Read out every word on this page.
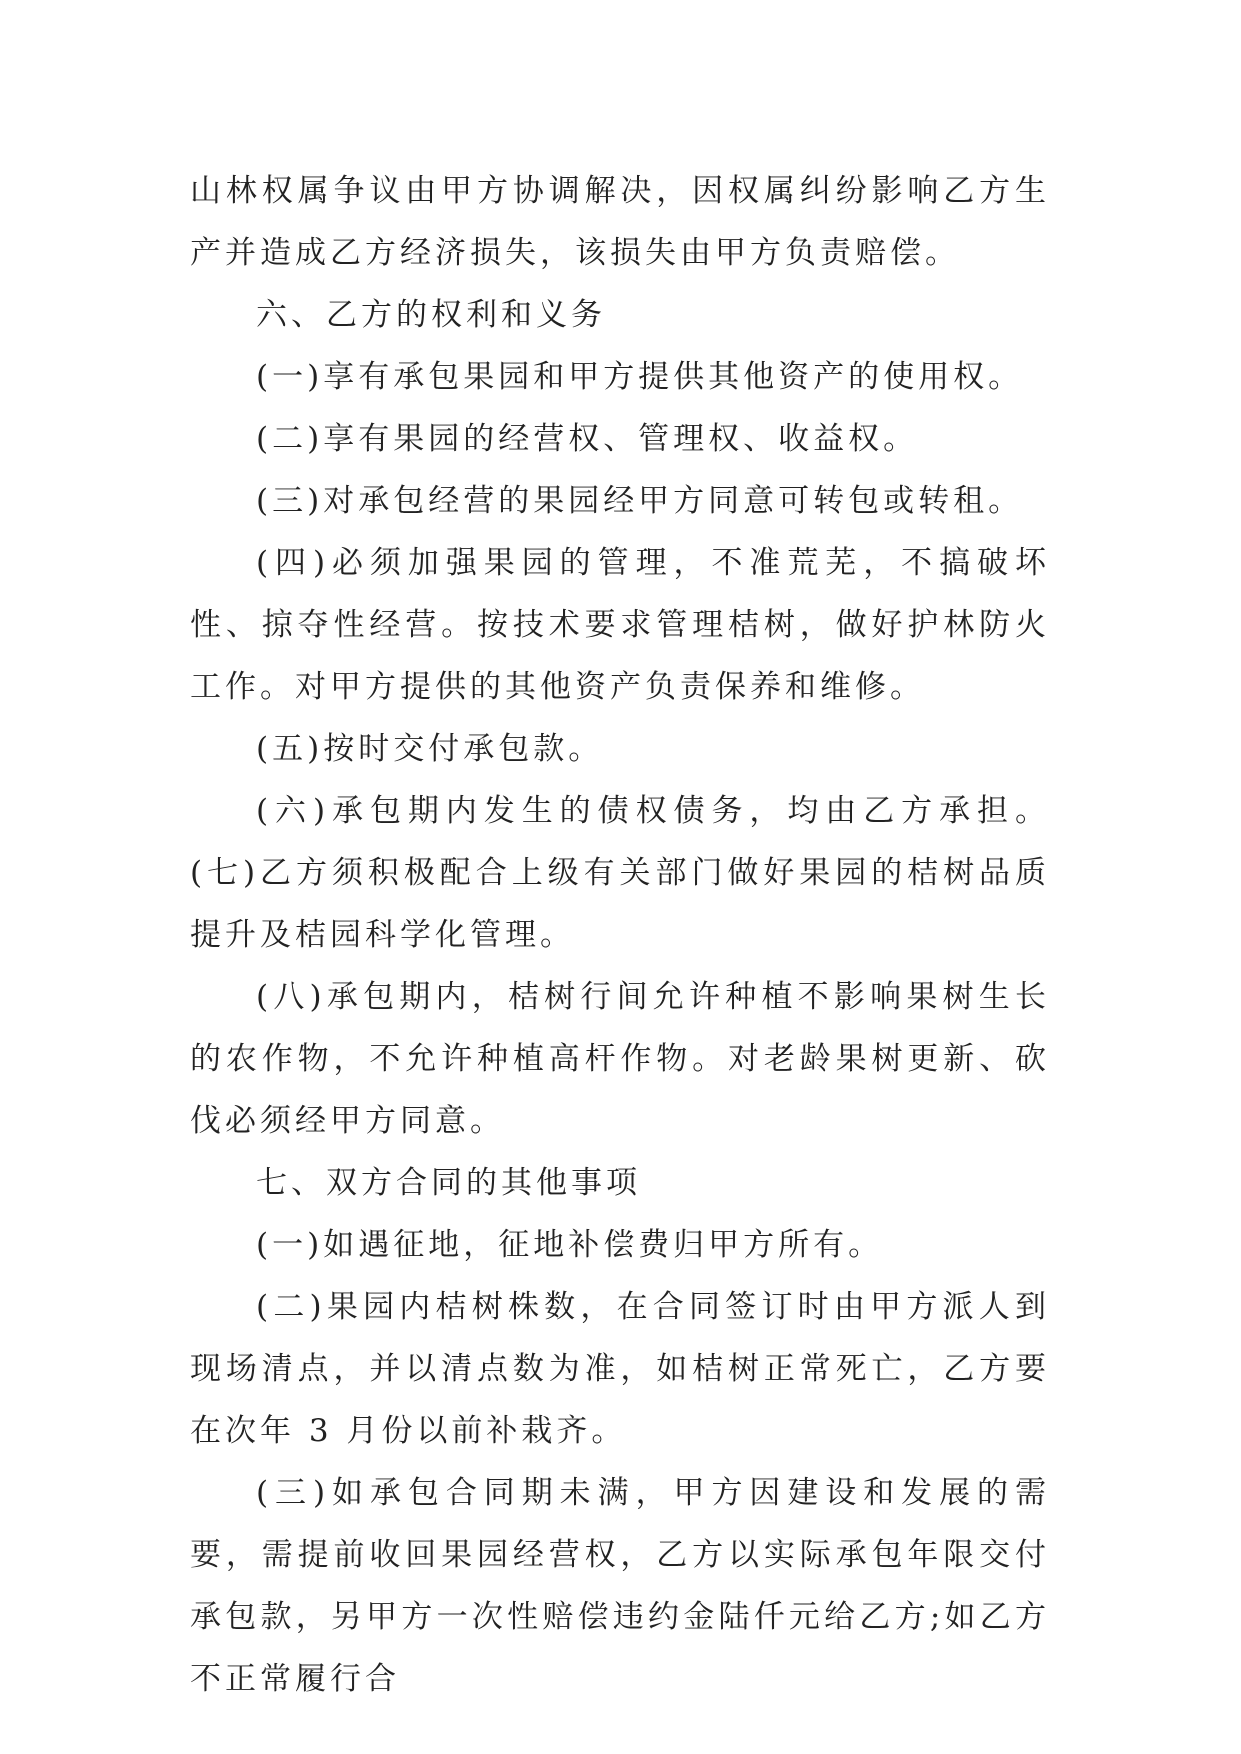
山林权属争议由甲方协调解决，因权属纠纷影响乙方生产并造成乙方经济损失，该损失由甲方负责赔偿。

六、乙方的权利和义务

(一)享有承包果园和甲方提供其他资产的使用权。

(二)享有果园的经营权、管理权、收益权。

(三)对承包经营的果园经甲方同意可转包或转租。

(四)必须加强果园的管理，不准荒芜，不搞破坏性、掠夺性经营。按技术要求管理桔树，做好护林防火工作。对甲方提供的其他资产负责保养和维修。

(五)按时交付承包款。

(六)承包期内发生的债权债务，均由乙方承担。 (七)乙方须积极配合上级有关部门做好果园的桔树品质提升及桔园科学化管理。

(八)承包期内，桔树行间允许种植不影响果树生长的农作物，不允许种植高杆作物。对老龄果树更新、砍伐必须经甲方同意。

七、双方合同的其他事项

(一)如遇征地，征地补偿费归甲方所有。

(二)果园内桔树株数，在合同签订时由甲方派人到现场清点，并以清点数为准，如桔树正常死亡，乙方要在次年 3 月份以前补栽齐。

(三)如承包合同期未满，甲方因建设和发展的需要，需提前收回果园经营权，乙方以实际承包年限交付承包款，另甲方一次性赔偿违约金陆仟元给乙方;如乙方不正常履行合
